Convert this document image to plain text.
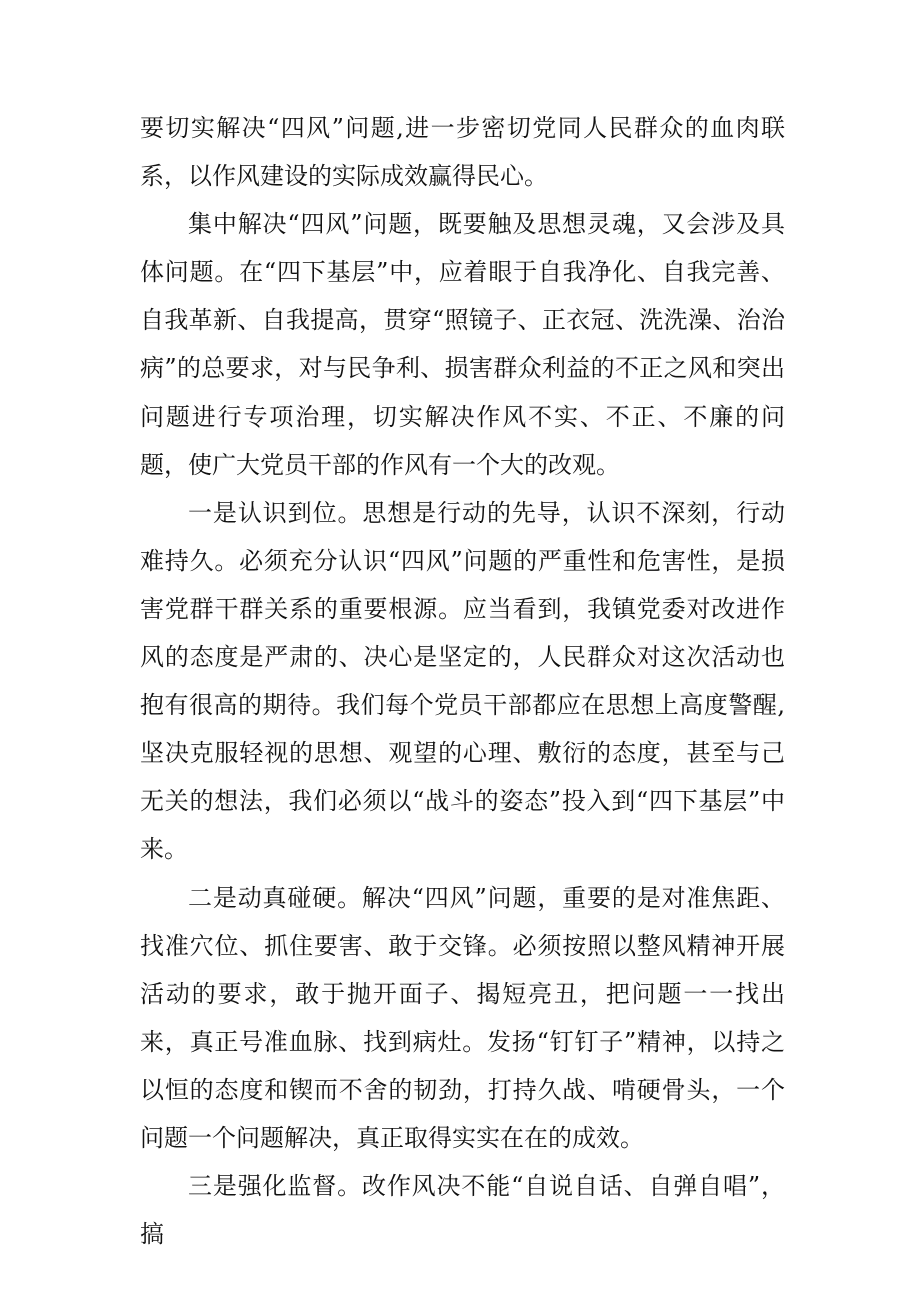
要切实解决“四风”问题,进一步密切党同人民群众的血肉联系，以作风建设的实际成效赢得民心。

集中解决“四风”问题，既要触及思想灵魂，又会涉及具体问题。在“四下基层”中，应着眼于自我净化、自我完善、自我革新、自我提高，贯穿“照镜子、正衣冠、洗洗澡、治治病”的总要求，对与民争利、损害群众利益的不正之风和突出问题进行专项治理，切实解决作风不实、不正、不廉的问题，使广大党员干部的作风有一个大的改观。

一是认识到位。思想是行动的先导，认识不深刻，行动难持久。必须充分认识“四风”问题的严重性和危害性，是损害党群干群关系的重要根源。应当看到，我镇党委对改进作风的态度是严肃的、决心是坚定的，人民群众对这次活动也抱有很高的期待。我们每个党员干部都应在思想上高度警醒,坚决克服轻视的思想、观望的心理、敷衍的态度，甚至与己无关的想法，我们必须以“战斗的姿态”投入到“四下基层”中来。

二是动真碰硬。解决“四风”问题，重要的是对准焦距、找准穴位、抓住要害、敢于交锋。必须按照以整风精神开展活动的要求，敢于抛开面子、揭短亮丑，把问题一一找出来，真正号准血脉、找到病灶。发扬“钉钉子”精神，以持之以恒的态度和锲而不舍的韧劲，打持久战、啃硬骨头，一个问题一个问题解决，真正取得实实在在的成效。

三是强化监督。改作风决不能“自说自话、自弹自唱”，搞
